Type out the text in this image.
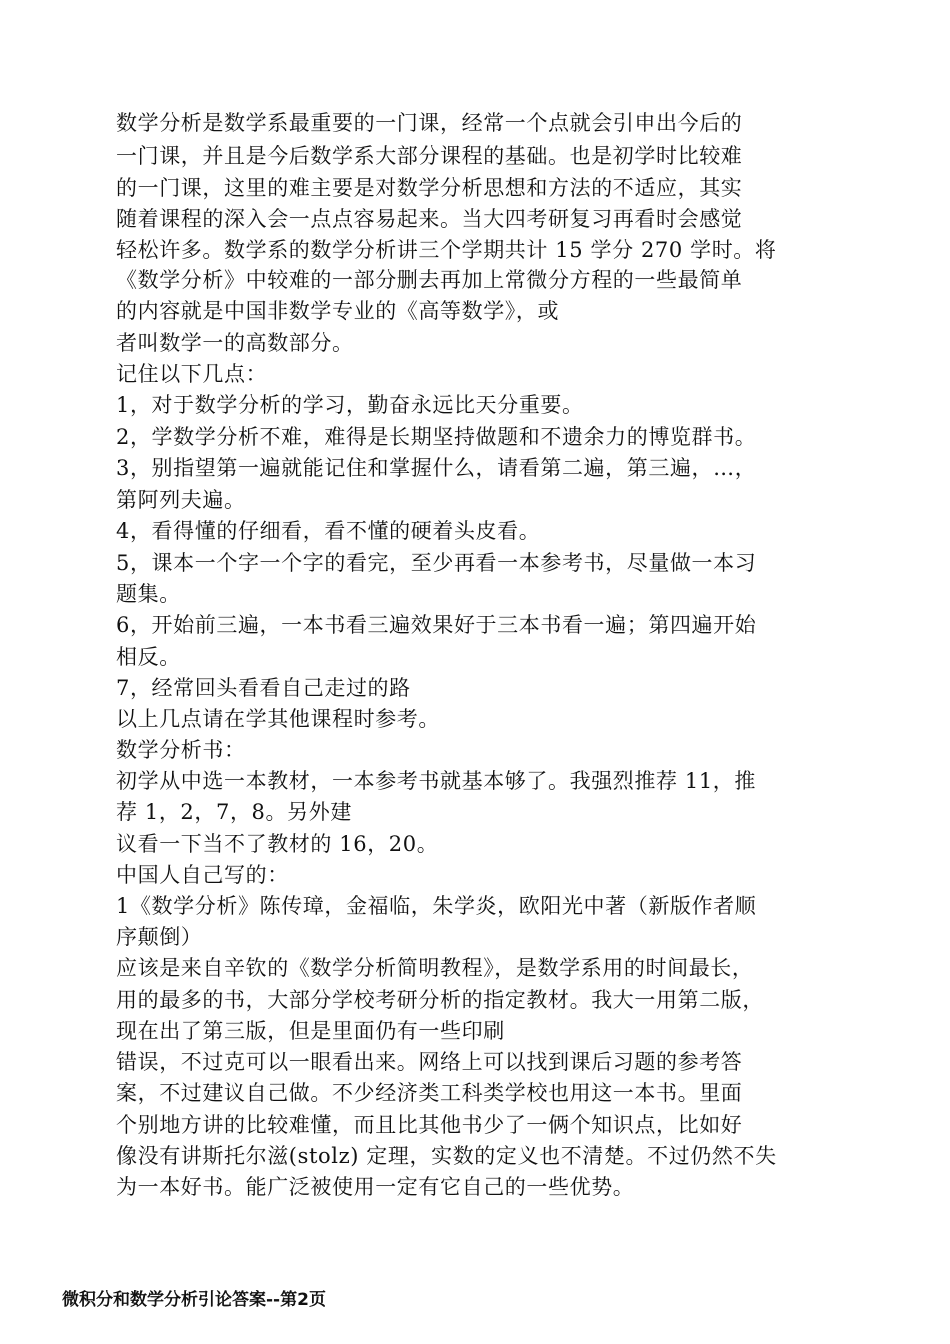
数学分析是数学系最重要的一门课，经常一个点就会引申出今后的
一门课，并且是今后数学系大部分课程的基础。也是初学时比较难
的一门课，这里的难主要是对数学分析思想和方法的不适应，其实
随着课程的深入会一点点容易起来。当大四考研复习再看时会感觉
轻松许多。数学系的数学分析讲三个学期共计 15 学分 270 学时。将
《数学分析》中较难的一部分删去再加上常微分方程的一些最简单
的内容就是中国非数学专业的《高等数学》，或
者叫数学一的高数部分。
记住以下几点：
1，对于数学分析的学习，勤奋永远比天分重要。
2，学数学分析不难，难得是长期坚持做题和不遗余力的博览群书。
3，别指望第一遍就能记住和掌握什么，请看第二遍，第三遍，…，
第阿列夫遍。
4，看得懂的仔细看，看不懂的硬着头皮看。
5，课本一个字一个字的看完，至少再看一本参考书，尽量做一本习
题集。
6，开始前三遍，一本书看三遍效果好于三本书看一遍；第四遍开始
相反。
7，经常回头看看自己走过的路
以上几点请在学其他课程时参考。
数学分析书：
初学从中选一本教材，一本参考书就基本够了。我强烈推荐 11，推
荐 1，2，7，8。另外建
议看一下当不了教材的 16，20。
中国人自己写的：
1《数学分析》陈传璋，金福临，朱学炎，欧阳光中著（新版作者顺
序颠倒）
应该是来自辛钦的《数学分析简明教程》，是数学系用的时间最长，
用的最多的书，大部分学校考研分析的指定教材。我大一用第二版，
现在出了第三版，但是里面仍有一些印刷
错误，不过克可以一眼看出来。网络上可以找到课后习题的参考答
案，不过建议自己做。不少经济类工科类学校也用这一本书。里面
个别地方讲的比较难懂，而且比其他书少了一俩个知识点，比如好
像没有讲斯托尔滋(stolz) 定理，实数的定义也不清楚。不过仍然不失
为一本好书。能广泛被使用一定有它自己的一些优势。
微积分和数学分析引论答案--第2页
